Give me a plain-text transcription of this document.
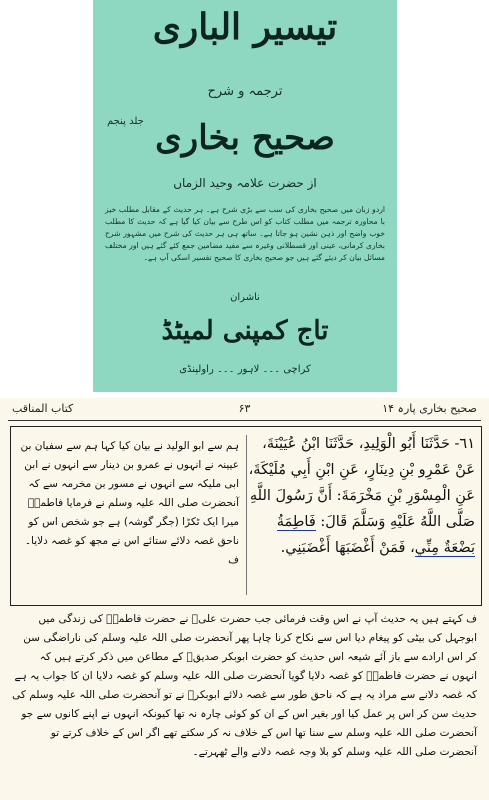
تیسیر الباری
ترجمہ و شرح
صحیح بخاری
جلد پنجم
از حضرت علامہ وحید الزماں
اردو زبان میں صحیح بخاری کی سب سے بڑی شرح ہے۔ ہر حدیث کے مقابل مطلب خیز با محاورہ ترجمہ میں مطلب کتاب کو اس طرح سے بیان کیا گیا ہے کہ حدیث کا مطلب خوب واضح اور ذہن نشین ہو جاتا ہے۔ ساتھ ہی ہر حدیث کی شرح میں مشہور شرح بخاری کرمانی، عینی اور قسطلانی وغیرہ سے مفید مضامین جمع کئے گئے ہیں اور مختلف مسائل بیان کر دیئے گئے ہیں جو صحیح بخاری کا صحیح تفسیر اسکی آپ ہے۔
ناشران
تاج کمپنی لمیٹڈ
کراچی ۔۔۔ لاہور ۔۔۔ راولپنڈی
صحیح بخاری پارہ ۱۴
۶۳
کتاب المناقب
٦١- حَدَّثَنَا أَبُو الْوَلِيدِ، حَدَّثَنَا ابْنُ عُيَيْنَةَ، عَنْ عَمْرِو بْنِ دِينَارٍ، عَنِ ابْنِ أَبِي مُلَيْكَةَ، عَنِ الْمِسْوَرِ بْنِ مَخْرَمَةَ: أَنَّ رَسُولَ اللَّهِ صَلَّى اللَّهُ عَلَيْهِ وَسَلَّمَ قَالَ: فَاطِمَةُ بَضْعَةٌ مِنِّي، فَمَنْ أَغْضَبَهَا أَغْضَبَنِي.
ہم سے ابو الولید نے بیان کیا کہا ہم سے سفیان بن عیینہ نے انہوں نے عمرو بن دینار سے انہوں نے ابن ابی ملیکہ سے انہوں نے مسور بن مخرمہ سے کہ آنحضرت صلی اللہ علیہ وسلم نے فرمایا فاطمہؓ میرا ایک ٹکڑا (جگر گوشہ) ہے جو شخص اس کو ناحق غصہ دلائے ستائے اس نے مجھ کو غصہ دلایا۔ ف
ف کہتے ہیں یہ حدیث آپ نے اس وقت فرمائی جب حضرت علیؓ نے حضرت فاطمہؓ کی زندگی میں ابوجہل کی بیٹی کو پیغام دیا اس سے نکاح کرنا چاہا پھر آنحضرت صلی اللہ علیہ وسلم کی ناراضگی سن کر اس ارادے سے باز آئے شیعہ اس حدیث کو حضرت ابوبکر صدیقؓ کے مطاعن میں ذکر کرتے ہیں کہ انہوں نے حضرت فاطمہؓ کو غصہ دلایا گویا آنحضرت صلی اللہ علیہ وسلم کو غصہ دلایا ان کا جواب یہ ہے کہ غصہ دلانے سے مراد یہ ہے کہ ناحق طور سے غصہ دلائے ابوبکرؓ نے تو آنحضرت صلی اللہ علیہ وسلم کی حدیث سن کر اس پر عمل کیا اور بغیر اس کے ان کو کوئی چارہ نہ تھا کیونکہ انہوں نے اپنے کانوں سے جو آنحضرت صلی اللہ علیہ وسلم سے سنا تھا اس کے خلاف نہ کر سکتے تھے اگر اس کے خلاف کرتے تو آنحضرت صلی اللہ علیہ وسلم کو بلا وجہ غصہ دلانے والے ٹھہرتے۔
